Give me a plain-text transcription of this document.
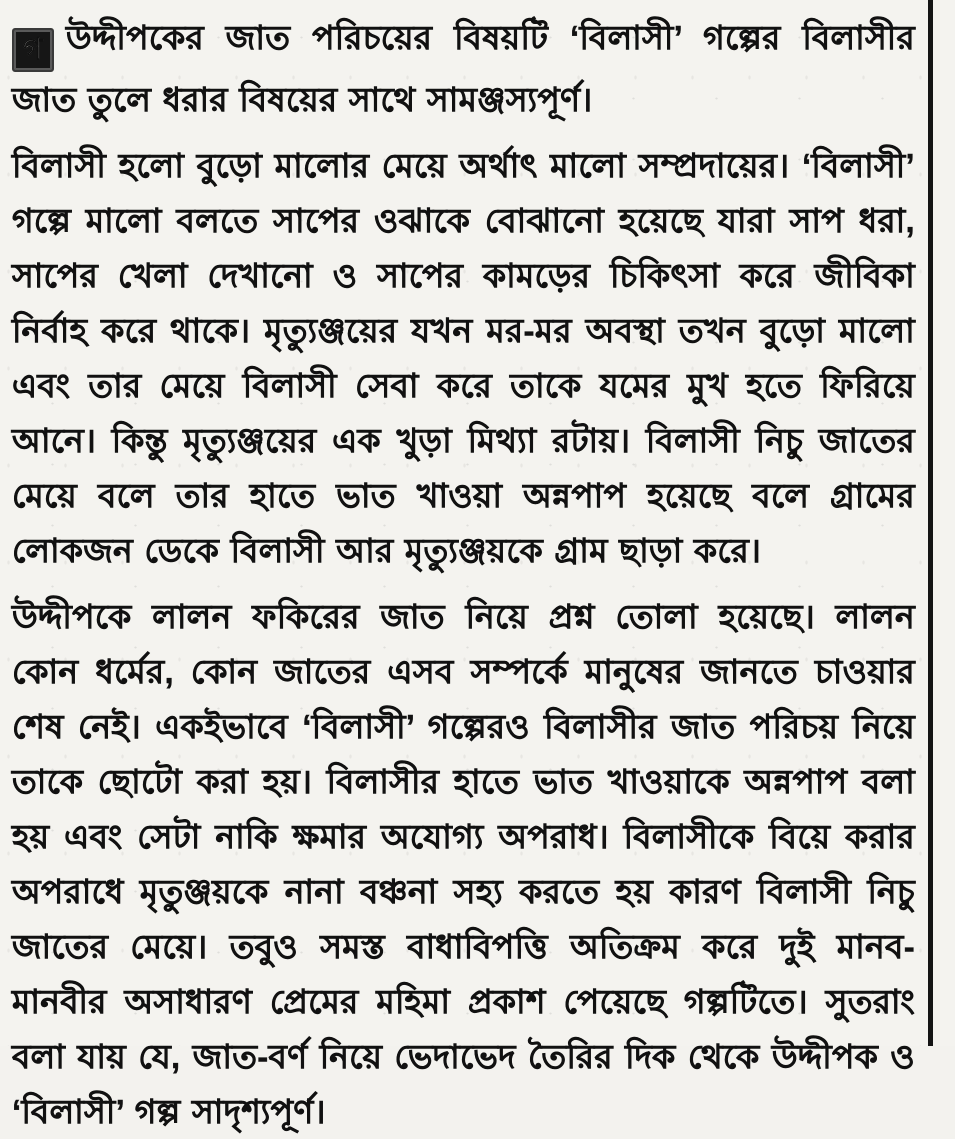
গ উদ্দীপকের জাত পরিচয়ের বিষয়টি ‘বিলাসী’ গল্পের বিলাসীর জাত তুলে ধরার বিষয়ের সাথে সামঞ্জস্যপূর্ণ।
বিলাসী হলো বুড়ো মালোর মেয়ে অর্থাৎ মালো সম্প্রদায়ের। ‘বিলাসী’ গল্পে মালো বলতে সাপের ওঝাকে বোঝানো হয়েছে যারা সাপ ধরা, সাপের খেলা দেখানো ও সাপের কামড়ের চিকিৎসা করে জীবিকা নির্বাহ করে থাকে। মৃত্যুঞ্জয়ের যখন মর-মর অবস্থা তখন বুড়ো মালো এবং তার মেয়ে বিলাসী সেবা করে তাকে যমের মুখ হতে ফিরিয়ে আনে। কিন্তু মৃত্যুঞ্জয়ের এক খুড়া মিথ্যা রটায়। বিলাসী নিচু জাতের মেয়ে বলে তার হাতে ভাত খাওয়া অন্নপাপ হয়েছে বলে গ্রামের লোকজন ডেকে বিলাসী আর মৃত্যুঞ্জয়কে গ্রাম ছাড়া করে।
উদ্দীপকে লালন ফকিরের জাত নিয়ে প্রশ্ন তোলা হয়েছে। লালন কোন ধর্মের, কোন জাতের এসব সম্পর্কে মানুষের জানতে চাওয়ার শেষ নেই। একইভাবে ‘বিলাসী’ গল্পেরও বিলাসীর জাত পরিচয় নিয়ে তাকে ছোটো করা হয়। বিলাসীর হাতে ভাত খাওয়াকে অন্নপাপ বলা হয় এবং সেটা নাকি ক্ষমার অযোগ্য অপরাধ। বিলাসীকে বিয়ে করার অপরাধে মৃতুঞ্জয়কে নানা বঞ্চনা সহ্য করতে হয় কারণ বিলাসী নিচু জাতের মেয়ে। তবুও সমস্ত বাধাবিপত্তি অতিক্রম করে দুই মানব-মানবীর অসাধারণ প্রেমের মহিমা প্রকাশ পেয়েছে গল্পটিতে। সুতরাং বলা যায় যে, জাত-বর্ণ নিয়ে ভেদাভেদ তৈরির দিক থেকে উদ্দীপক ও ‘বিলাসী’ গল্প সাদৃশ্যপূর্ণ।
